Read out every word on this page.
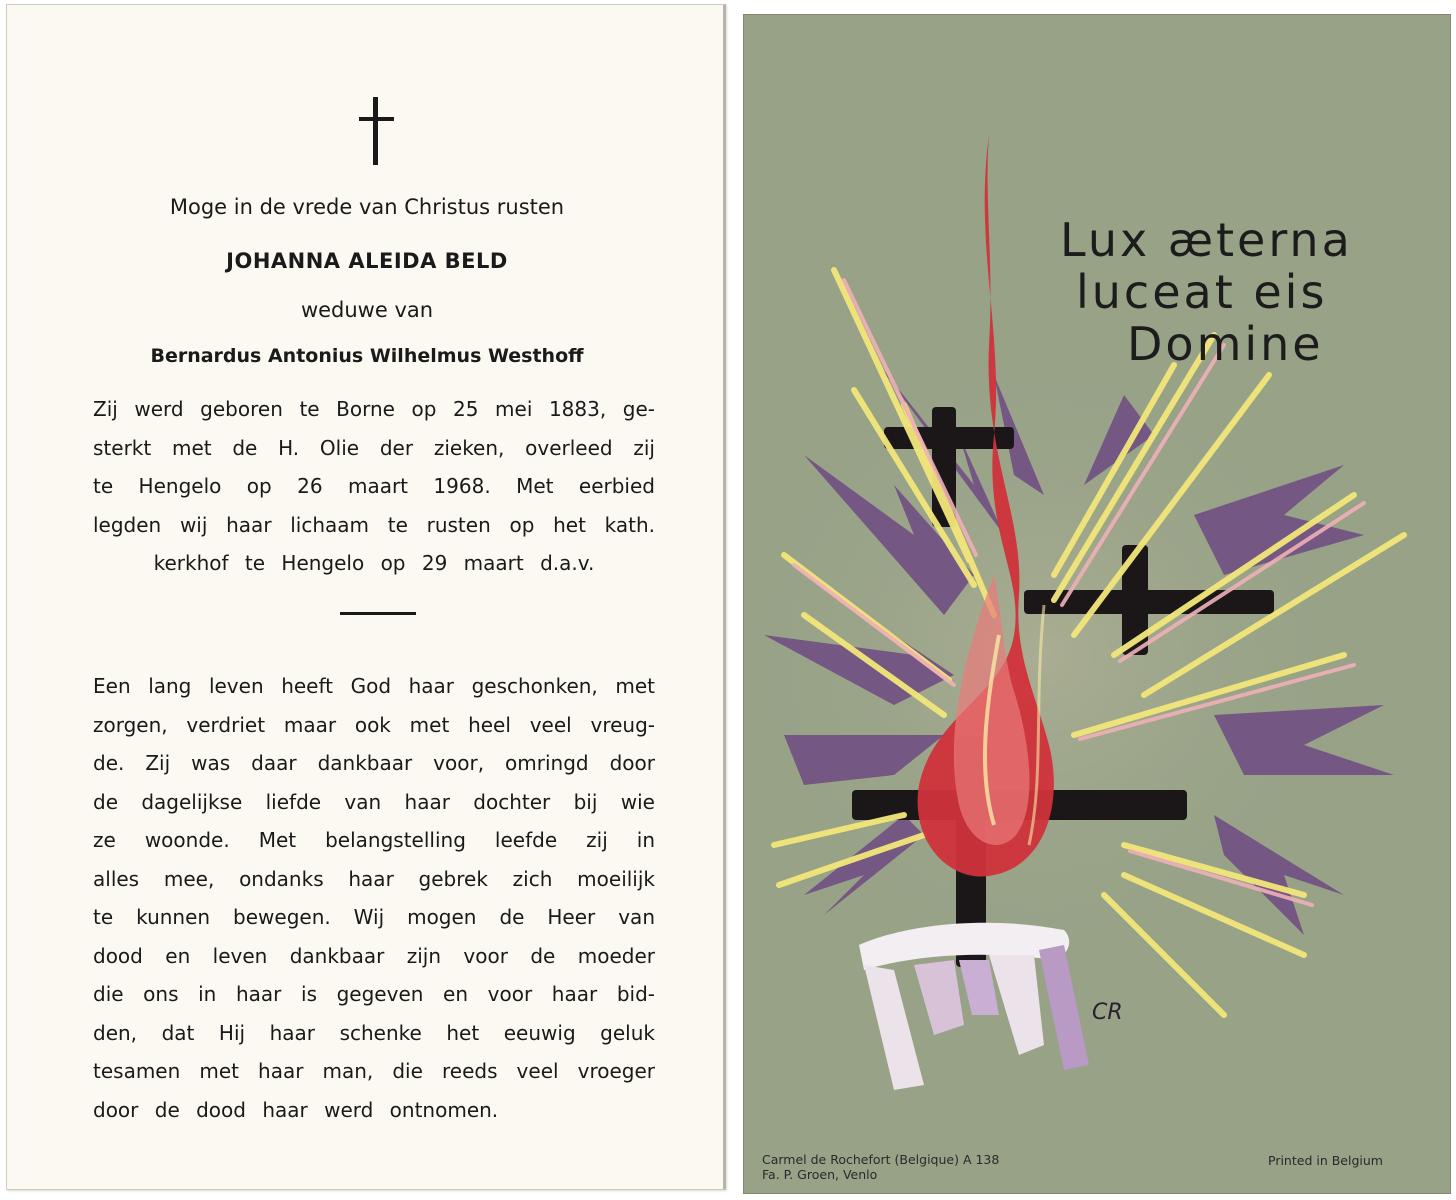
Moge in de vrede van Christus rusten
JOHANNA ALEIDA BELD
weduwe van
Bernardus Antonius Wilhelmus Westhoff
Zij werd geboren te Borne op 25 mei 1883, ge-
sterkt met de H. Olie der zieken, overleed zij
te Hengelo op 26 maart 1968. Met eerbied
legden wij haar lichaam te rusten op het kath.
kerkhof te Hengelo op 29 maart d.a.v.
Een lang leven heeft God haar geschonken, met
zorgen, verdriet maar ook met heel veel vreug-
de. Zij was daar dankbaar voor, omringd door
de dagelijkse liefde van haar dochter bij wie
ze woonde. Met belangstelling leefde zij in
alles mee, ondanks haar gebrek zich moeilijk
te kunnen bewegen. Wij mogen de Heer van
dood en leven dankbaar zijn voor de moeder
die ons in haar is gegeven en voor haar bid-
den, dat Hij haar schenke het eeuwig geluk
tesamen met haar man, die reeds veel vroeger
door de dood haar werd ontnomen.
Lux æterna
luceat eis
Domine
CR
Carmel de Rochefort (Belgique) A 138
Fa. P. Groen, Venlo
Printed in Belgium
